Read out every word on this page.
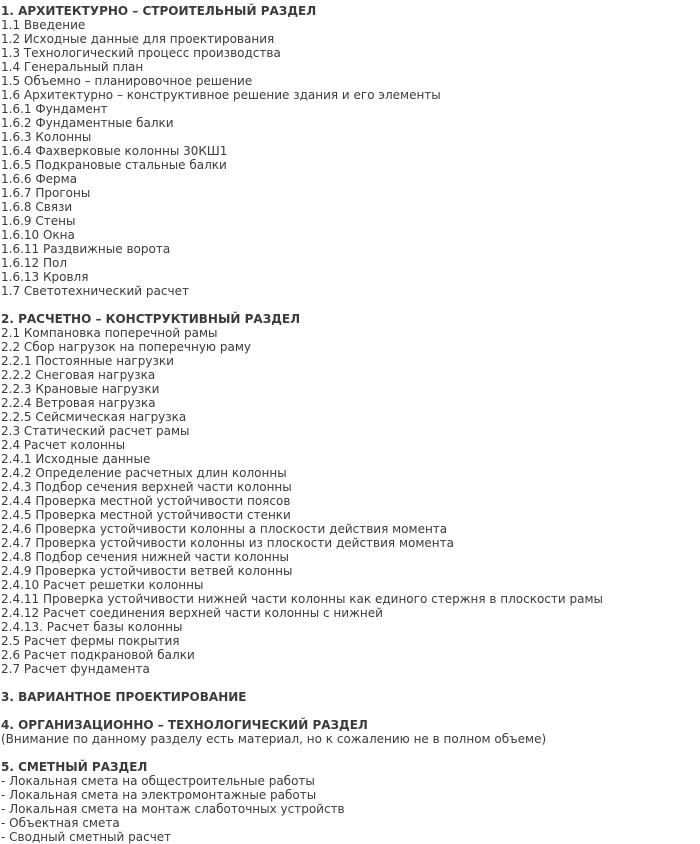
1. АРХИТЕКТУРНО – СТРОИТЕЛЬНЫЙ РАЗДЕЛ
1.1 Введение
1.2 Исходные данные для проектирования
1.3 Технологический процесс производства
1.4 Генеральный план
1.5 Объемно – планировочное решение
1.6 Архитектурно – конструктивное решение здания и его элементы
1.6.1 Фундамент
1.6.2 Фундаментные балки
1.6.3 Колонны
1.6.4 Фахверковые колонны 30КШ1
1.6.5 Подкрановые стальные балки
1.6.6 Ферма
1.6.7 Прогоны
1.6.8 Связи
1.6.9 Стены
1.6.10 Окна
1.6.11 Раздвижные ворота
1.6.12 Пол
1.6.13 Кровля
1.7 Светотехнический расчет
2. РАСЧЕТНО – КОНСТРУКТИВНЫЙ РАЗДЕЛ
2.1 Компановка поперечной рамы
2.2 Сбор нагрузок на поперечную раму
2.2.1 Постоянные нагрузки
2.2.2 Снеговая нагрузка
2.2.3 Крановые нагрузки
2.2.4 Ветровая нагрузка
2.2.5 Сейсмическая нагрузка
2.3 Статический расчет рамы
2.4 Расчет колонны
2.4.1 Исходные данные
2.4.2 Определение расчетных длин колонны
2.4.3 Подбор сечения верхней части колонны
2.4.4 Проверка местной устойчивости поясов
2.4.5 Проверка местной устойчивости стенки
2.4.6 Проверка устойчивости колонны а плоскости действия момента
2.4.7 Проверка устойчивости колонны из плоскости действия момента
2.4.8 Подбор сечения нижней части колонны
2.4.9 Проверка устойчивости ветвей колонны
2.4.10 Расчет решетки колонны
2.4.11 Проверка устойчивости нижней части колонны как единого стержня в плоскости рамы
2.4.12 Расчет соединения верхней части колонны с нижней
2.4.13. Расчет базы колонны
2.5 Расчет фермы покрытия
2.6 Расчет подкрановой балки
2.7 Расчет фундамента
3. ВАРИАНТНОЕ ПРОЕКТИРОВАНИЕ
4. ОРГАНИЗАЦИОННО – ТЕХНОЛОГИЧЕСКИЙ РАЗДЕЛ
(Внимание по данному разделу есть материал, но к сожалению не в полном объеме)
5. СМЕТНЫЙ РАЗДЕЛ
- Локальная смета на общестроительные работы
- Локальная смета на электромонтажные работы
- Локальная смета на монтаж слаботочных устройств
- Объектная смета
- Сводный сметный расчет
